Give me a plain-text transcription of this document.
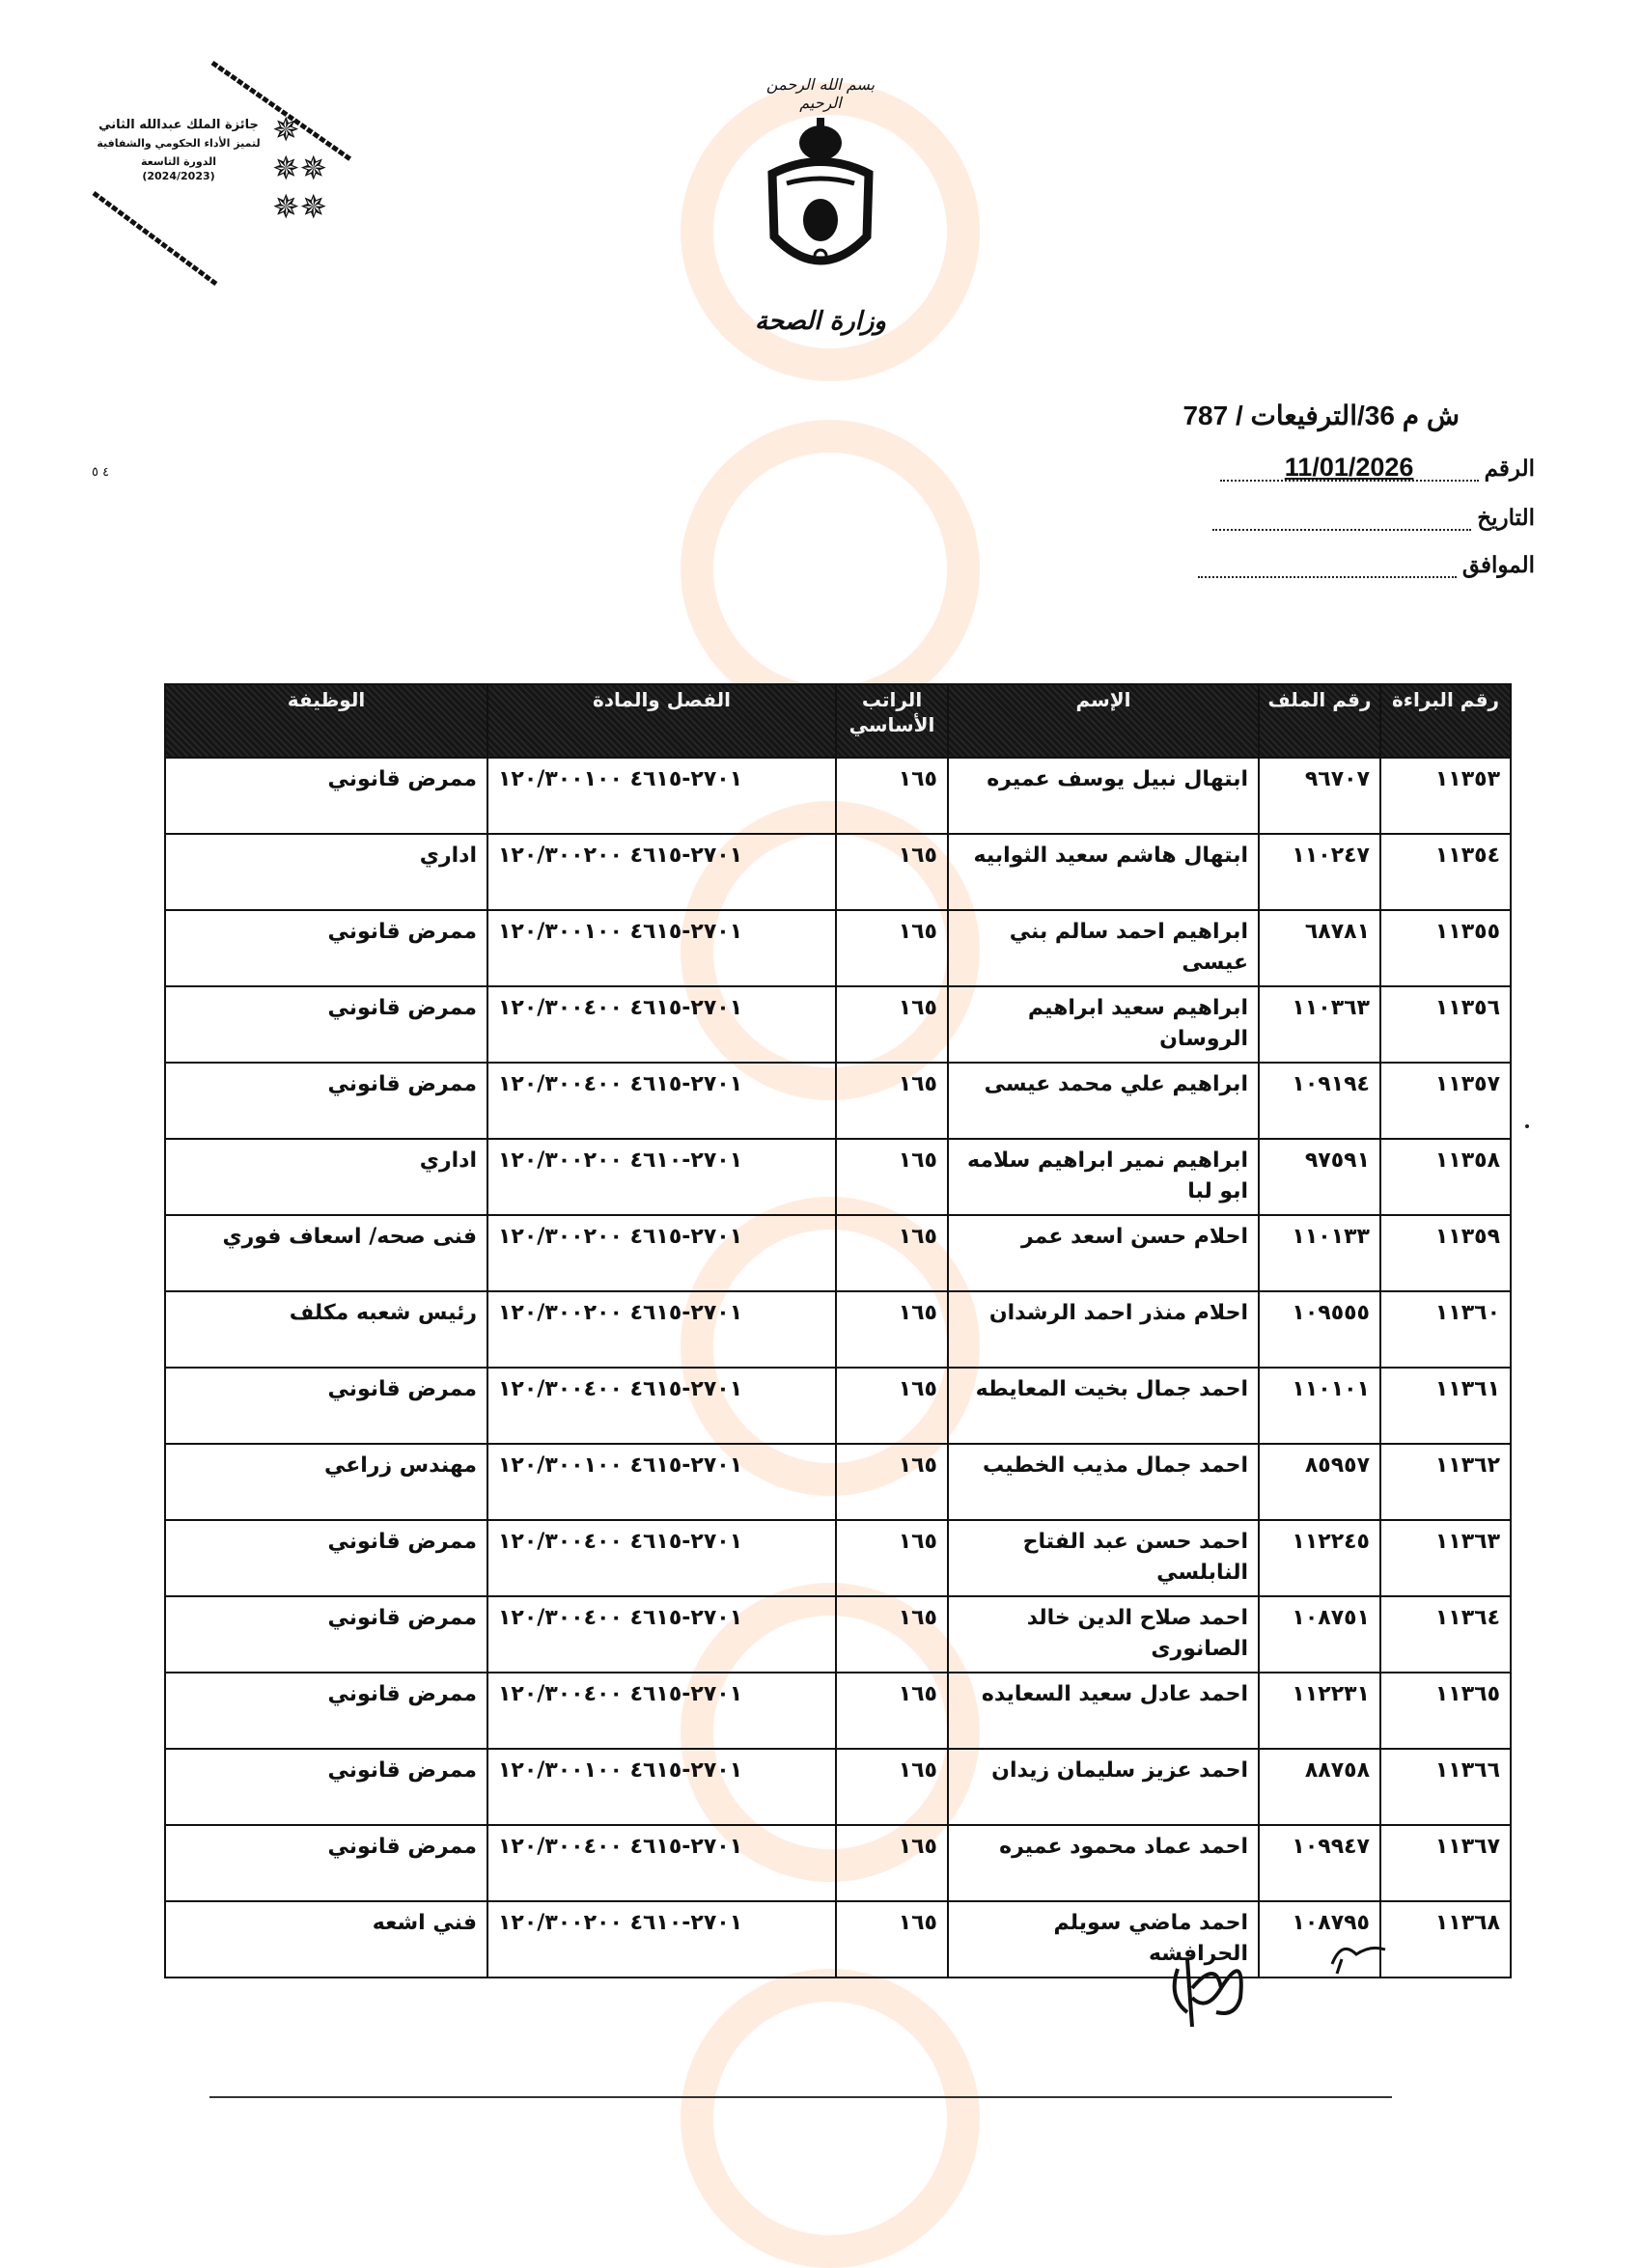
جائزة الملك عبدالله الثاني
لتميز الأداء الحكومي والشفافية
الدورة التاسعة
(2024/2023)
✵
✵✵
✵✵
بسم الله الرحمن الرحيم
وزارة الصحة
٤ ٥
ش م 36/الترفيعات / 787
الرقم
11/01/2026
التاريخ
الموافق
رقم البراءة	رقم الملف	الإسم	الراتب الأساسي	الفصل والمادة	الوظيفة
١١٣٥٣	٩٦٧٠٧	ابتهال نبيل يوسف عميره	١٦٥	٢٧٠١-٤٦١٥ ١٢٠/٣٠٠١٠٠	ممرض قانوني
١١٣٥٤	١١٠٢٤٧	ابتهال هاشم سعيد الثوابيه	١٦٥	٢٧٠١-٤٦١٥ ١٢٠/٣٠٠٢٠٠	اداري
١١٣٥٥	٦٨٧٨١	ابراهيم احمد سالم بني عيسى	١٦٥	٢٧٠١-٤٦١٥ ١٢٠/٣٠٠١٠٠	ممرض قانوني
١١٣٥٦	١١٠٣٦٣	ابراهيم سعيد ابراهيم الروسان	١٦٥	٢٧٠١-٤٦١٥ ١٢٠/٣٠٠٤٠٠	ممرض قانوني
١١٣٥٧	١٠٩١٩٤	ابراهيم علي محمد عيسى	١٦٥	٢٧٠١-٤٦١٥ ١٢٠/٣٠٠٤٠٠	ممرض قانوني
١١٣٥٨	٩٧٥٩١	ابراهيم نمير ابراهيم سلامه ابو لبا	١٦٥	٢٧٠١-٤٦١٠ ١٢٠/٣٠٠٢٠٠	اداري
١١٣٥٩	١١٠١٣٣	احلام حسن اسعد عمر	١٦٥	٢٧٠١-٤٦١٥ ١٢٠/٣٠٠٢٠٠	فنى صحه/ اسعاف فوري
١١٣٦٠	١٠٩٥٥٥	احلام منذر احمد الرشدان	١٦٥	٢٧٠١-٤٦١٥ ١٢٠/٣٠٠٢٠٠	رئيس شعبه مكلف
١١٣٦١	١١٠١٠١	احمد جمال بخيت المعايطه	١٦٥	٢٧٠١-٤٦١٥ ١٢٠/٣٠٠٤٠٠	ممرض قانوني
١١٣٦٢	٨٥٩٥٧	احمد جمال مذيب الخطيب	١٦٥	٢٧٠١-٤٦١٥ ١٢٠/٣٠٠١٠٠	مهندس زراعي
١١٣٦٣	١١٢٢٤٥	احمد حسن عبد الفتاح النابلسي	١٦٥	٢٧٠١-٤٦١٥ ١٢٠/٣٠٠٤٠٠	ممرض قانوني
١١٣٦٤	١٠٨٧٥١	احمد صلاح الدين خالد الصانورى	١٦٥	٢٧٠١-٤٦١٥ ١٢٠/٣٠٠٤٠٠	ممرض قانوني
١١٣٦٥	١١٢٢٣١	احمد عادل سعيد السعايده	١٦٥	٢٧٠١-٤٦١٥ ١٢٠/٣٠٠٤٠٠	ممرض قانوني
١١٣٦٦	٨٨٧٥٨	احمد عزيز سليمان زيدان	١٦٥	٢٧٠١-٤٦١٥ ١٢٠/٣٠٠١٠٠	ممرض قانوني
١١٣٦٧	١٠٩٩٤٧	احمد عماد محمود عميره	١٦٥	٢٧٠١-٤٦١٥ ١٢٠/٣٠٠٤٠٠	ممرض قانوني
١١٣٦٨	١٠٨٧٩٥	احمد ماضي سويلم الحرافشه	١٦٥	٢٧٠١-٤٦١٠ ١٢٠/٣٠٠٢٠٠	فني اشعه
